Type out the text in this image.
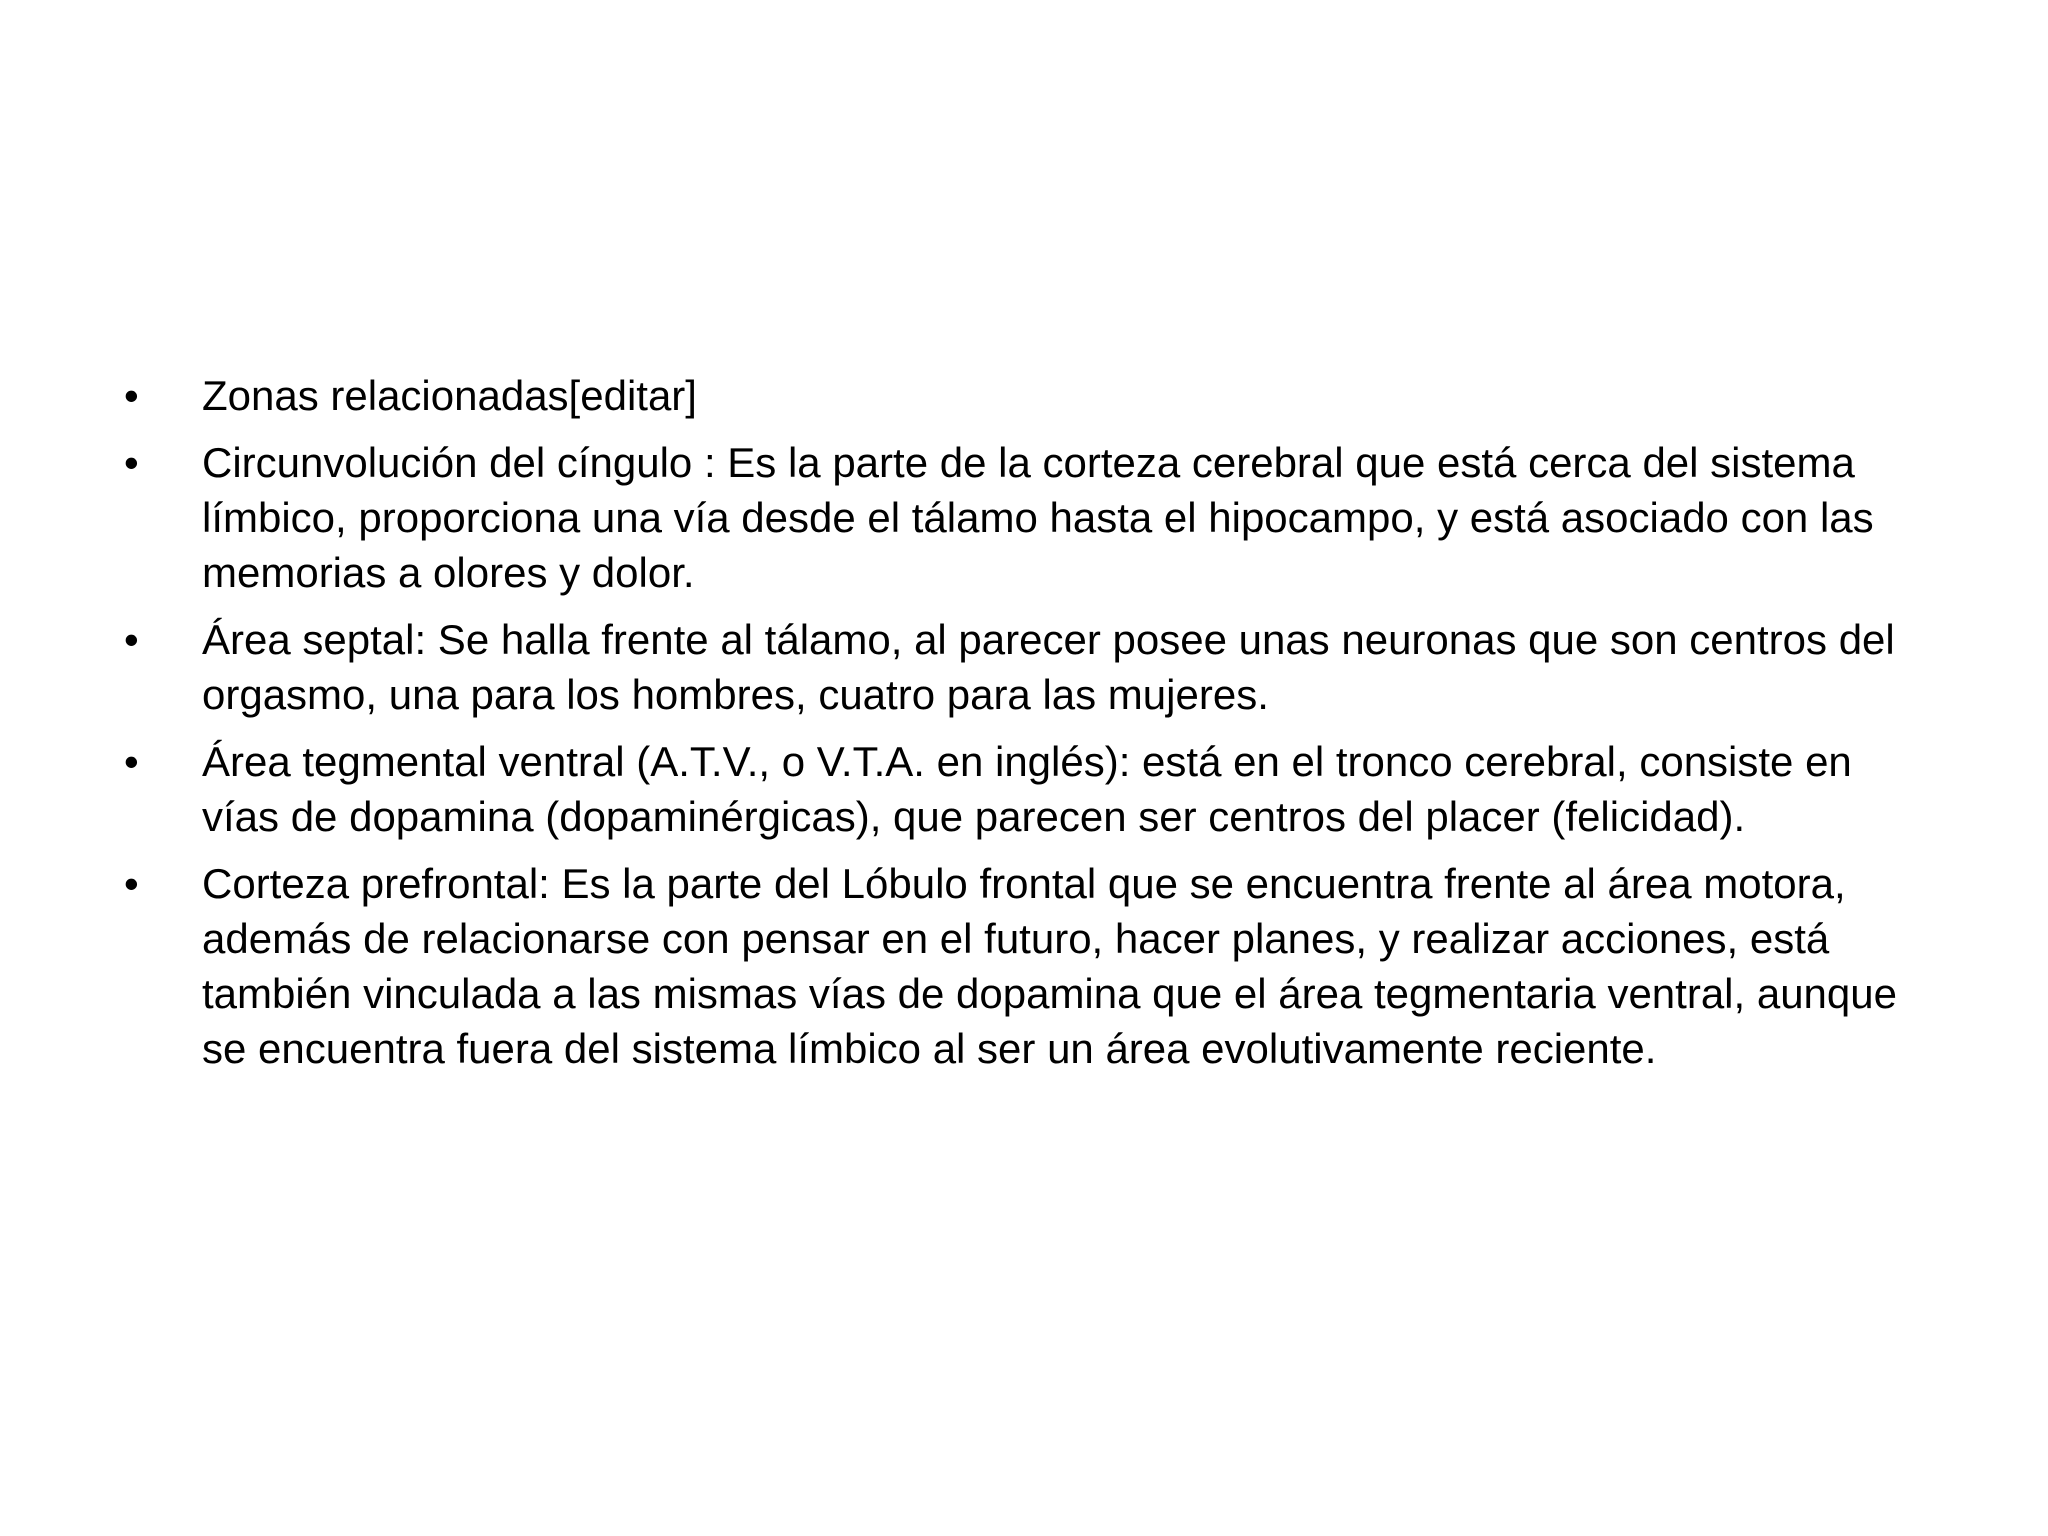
•	Zonas relacionadas[editar]
•	Circunvolución del cíngulo : Es la parte de la corteza cerebral que está cerca del sistema límbico, proporciona una vía desde el tálamo hasta el hipocampo, y está asociado con las memorias a olores y dolor.
•	Área septal: Se halla frente al tálamo, al parecer posee unas neuronas que son centros del orgasmo, una para los hombres, cuatro para las mujeres.
•	Área tegmental ventral (A.T.V., o V.T.A. en inglés): está en el tronco cerebral, consiste en vías de dopamina (dopaminérgicas), que parecen ser centros del placer (felicidad).
•	Corteza prefrontal: Es la parte del Lóbulo frontal que se encuentra frente al área motora, además de relacionarse con pensar en el futuro, hacer planes, y realizar acciones, está también vinculada a las mismas vías de dopamina que el área tegmentaria ventral, aunque se encuentra fuera del sistema límbico al ser un área evolutivamente reciente.
